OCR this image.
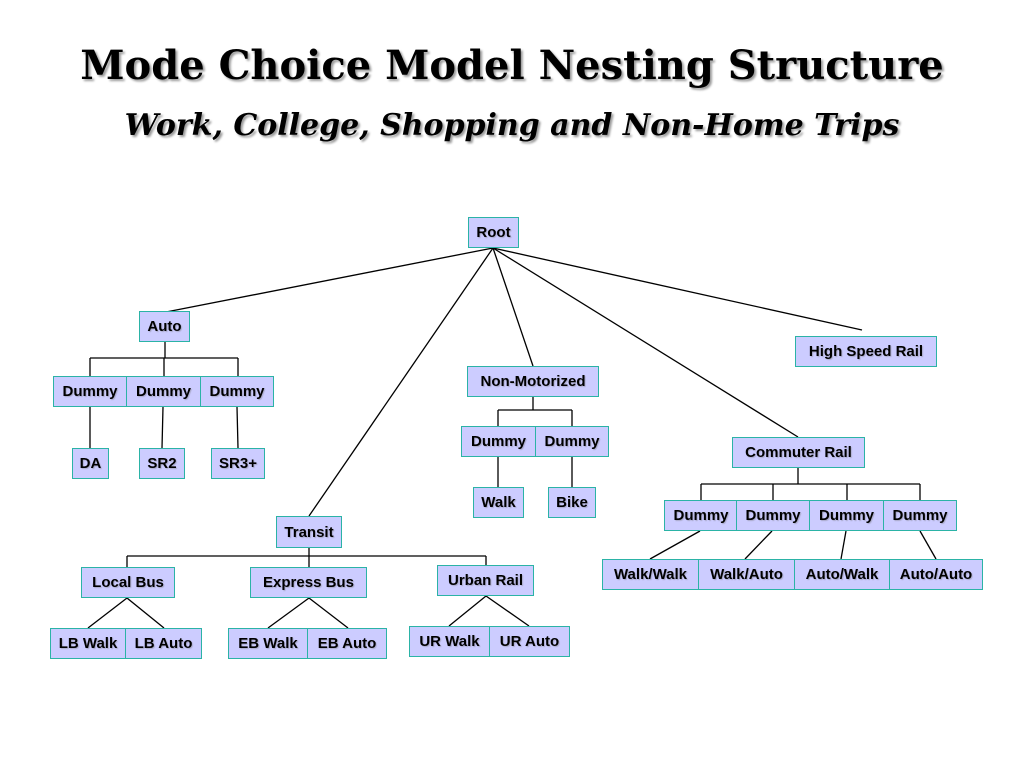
Mode Choice Model Nesting Structure
Work, College, Shopping and Non-Home Trips
Root
Auto
Dummy	Dummy	Dummy
DA	SR2	SR3+
Transit
Local Bus	Express Bus	Urban Rail
LB Walk	LB Auto	EB Walk	EB Auto	UR Walk	UR Auto
Non-Motorized
Dummy	Dummy
Walk	Bike
Commuter Rail
Dummy	Dummy	Dummy	Dummy
Walk/Walk	Walk/Auto	Auto/Walk	Auto/Auto
High Speed Rail
